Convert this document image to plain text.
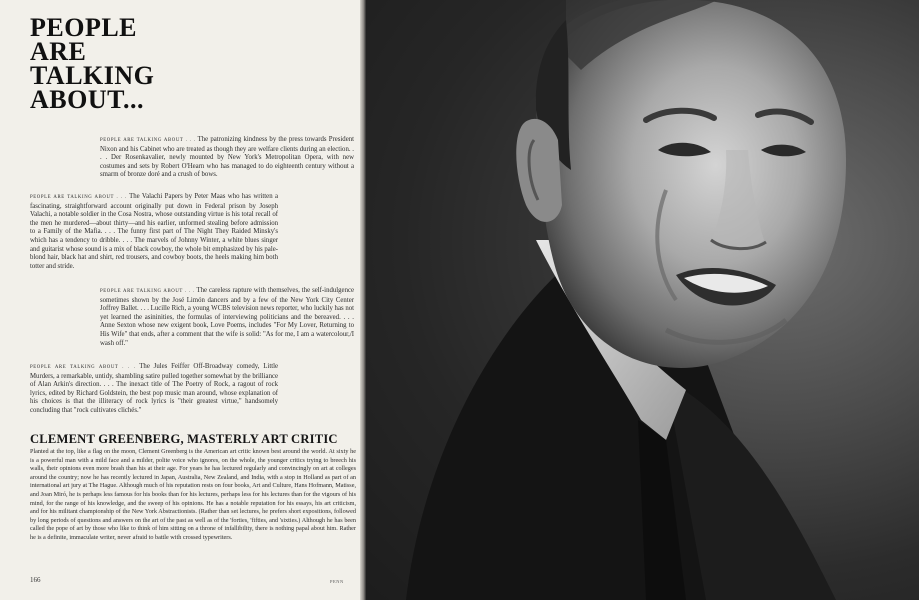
PEOPLE
ARE
TALKING
ABOUT...

PEOPLE ARE TALKING ABOUT . . . The patronizing kindness by the press towards President Nixon and his Cabinet who are treated as though they are welfare clients during an election. . . . Der Rosenkavalier, newly mounted by New York's Metropolitan Opera, with new costumes and sets by Robert O'Hearn who has managed to do eighteenth century without a smarm of bronze doré and a crush of bows.

PEOPLE ARE TALKING ABOUT . . . The Valachi Papers by Peter Maas who has written a fascinating, straightforward account originally put down in Federal prison by Joseph Valachi, a notable soldier in the Cosa Nostra, whose outstanding virtue is his total recall of the men he murdered—about thirty—and his earlier, unformed stealing before admission to a Family of the Mafia. . . . The funny first part of The Night They Raided Minsky's which has a tendency to dribble. . . . The marvels of Johnny Winter, a white blues singer and guitarist whose sound is a mix of black cowboy, the whole bit emphasized by his pale-blond hair, black hat and shirt, red trousers, and cowboy boots, the heels making him both totter and stride.

PEOPLE ARE TALKING ABOUT . . . The careless rapture with themselves, the self-indulgence sometimes shown by the José Limón dancers and by a few of the New York City Center Joffrey Ballet. . . . Lucille Rich, a young WCBS television news reporter, who luckily has not yet learned the asininities, the formulas of interviewing politicians and the bereaved. . . . Anne Sexton whose new exigent book, Love Poems, includes "For My Lover, Returning to His Wife" that ends, after a comment that the wife is solid: "As for me, I am a watercolour,/I wash off."

PEOPLE ARE TALKING ABOUT . . . The Jules Feiffer Off-Broadway comedy, Little Murders, a remarkable, untidy, shambling satire pulled together somewhat by the brilliance of Alan Arkin's direction. . . . The inexact title of The Poetry of Rock, a ragout of rock lyrics, edited by Richard Goldstein, the best pop music man around, whose explanation of his choices is that the illiteracy of rock lyrics is "their greatest virtue," handsomely concluding that "rock cultivates clichés."

CLEMENT GREENBERG, MASTERLY ART CRITIC

Planted at the top, like a flag on the moon, Clement Greenberg is the American art critic known best around the world. At sixty he is a powerful man with a mild face and a milder, polite voice who ignores, on the whole, the younger critics trying to breech his walls, their opinions even more brash than his at their age. For years he has lectured regularly and convincingly on art at colleges around the country; now he has recently lectured in Japan, Australia, New Zealand, and India, with a stop in Holland as part of an international art jury at The Hague. Although much of his reputation rests on four books, Art and Culture, Hans Hofmann, Matisse, and Joan Miró, he is perhaps less famous for his books than for his lectures, perhaps less for his lectures than for the vigours of his mind, for the range of his knowledge, and the sweep of his opinions. He has a notable reputation for his essays, his art criticism, and for his militant championship of the New York Abstractionists. (Rather than set lectures, he prefers short expositions, followed by long periods of questions and answers on the art of the past as well as of the 'forties, 'fifties, and 'sixties.) Although he has been called the pope of art by those who like to think of him sitting on a throne of infallibility, there is nothing papal about him. Rather he is a definite, immaculate writer, never afraid to battle with crossed typewriters.

166	PENN
